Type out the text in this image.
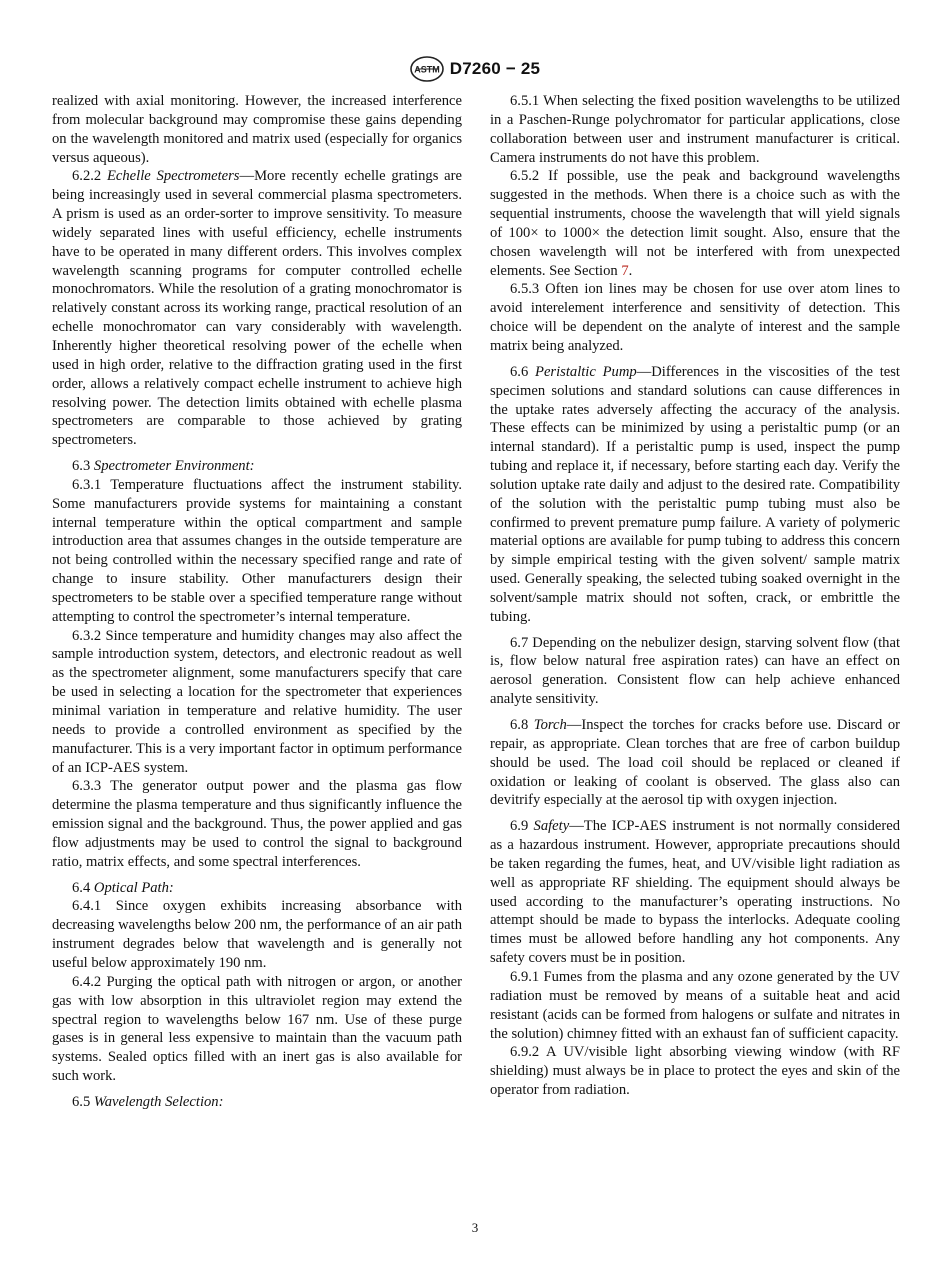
ASTM D7260 − 25

realized with axial monitoring. However, the increased interference from molecular background may compromise these gains depending on the wavelength monitored and matrix used (especially for organics versus aqueous).

6.2.2 Echelle Spectrometers—More recently echelle gratings are being increasingly used in several commercial plasma spectrometers. A prism is used as an order-sorter to improve sensitivity. To measure widely separated lines with useful efficiency, echelle instruments have to be operated in many different orders. This involves complex wavelength scanning programs for computer controlled echelle monochromators. While the resolution of a grating monochromator is relatively constant across its working range, practical resolution of an echelle monochromator can vary considerably with wavelength. Inherently higher theoretical resolving power of the echelle when used in high order, relative to the diffraction grating used in the first order, allows a relatively compact echelle instrument to achieve high resolving power. The detection limits obtained with echelle plasma spectrometers are comparable to those achieved by grating spectrometers.

6.3 Spectrometer Environment:

6.3.1 Temperature fluctuations affect the instrument stability. Some manufacturers provide systems for maintaining a constant internal temperature within the optical compartment and sample introduction area that assumes changes in the outside temperature are not being controlled within the necessary specified range and rate of change to insure stability. Other manufacturers design their spectrometers to be stable over a specified temperature range without attempting to control the spectrometer’s internal temperature.

6.3.2 Since temperature and humidity changes may also affect the sample introduction system, detectors, and electronic readout as well as the spectrometer alignment, some manufacturers specify that care be used in selecting a location for the spectrometer that experiences minimal variation in temperature and relative humidity. The user needs to provide a controlled environment as specified by the manufacturer. This is a very important factor in optimum performance of an ICP-AES system.

6.3.3 The generator output power and the plasma gas flow determine the plasma temperature and thus significantly influence the emission signal and the background. Thus, the power applied and gas flow adjustments may be used to control the signal to background ratio, matrix effects, and some spectral interferences.

6.4 Optical Path:

6.4.1 Since oxygen exhibits increasing absorbance with decreasing wavelengths below 200 nm, the performance of an air path instrument degrades below that wavelength and is generally not useful below approximately 190 nm.

6.4.2 Purging the optical path with nitrogen or argon, or another gas with low absorption in this ultraviolet region may extend the spectral region to wavelengths below 167 nm. Use of these purge gases is in general less expensive to maintain than the vacuum path systems. Sealed optics filled with an inert gas is also available for such work.

6.5 Wavelength Selection:

6.5.1 When selecting the fixed position wavelengths to be utilized in a Paschen-Runge polychromator for particular applications, close collaboration between user and instrument manufacturer is critical. Camera instruments do not have this problem.

6.5.2 If possible, use the peak and background wavelengths suggested in the methods. When there is a choice such as with the sequential instruments, choose the wavelength that will yield signals of 100× to 1000× the detection limit sought. Also, ensure that the chosen wavelength will not be interfered with from unexpected elements. See Section 7.

6.5.3 Often ion lines may be chosen for use over atom lines to avoid interelement interference and sensitivity of detection. This choice will be dependent on the analyte of interest and the sample matrix being analyzed.

6.6 Peristaltic Pump—Differences in the viscosities of the test specimen solutions and standard solutions can cause differences in the uptake rates adversely affecting the accuracy of the analysis. These effects can be minimized by using a peristaltic pump (or an internal standard). If a peristaltic pump is used, inspect the pump tubing and replace it, if necessary, before starting each day. Verify the solution uptake rate daily and adjust to the desired rate. Compatibility of the solution with the peristaltic pump tubing must also be confirmed to prevent premature pump failure. A variety of polymeric material options are available for pump tubing to address this concern by simple empirical testing with the given solvent/ sample matrix used. Generally speaking, the selected tubing soaked overnight in the solvent/sample matrix should not soften, crack, or embrittle the tubing.

6.7 Depending on the nebulizer design, starving solvent flow (that is, flow below natural free aspiration rates) can have an effect on aerosol generation. Consistent flow can help achieve enhanced analyte sensitivity.

6.8 Torch—Inspect the torches for cracks before use. Discard or repair, as appropriate. Clean torches that are free of carbon buildup should be used. The load coil should be replaced or cleaned if oxidation or leaking of coolant is observed. The glass also can devitrify especially at the aerosol tip with oxygen injection.

6.9 Safety—The ICP-AES instrument is not normally considered as a hazardous instrument. However, appropriate precautions should be taken regarding the fumes, heat, and UV/visible light radiation as well as appropriate RF shielding. The equipment should always be used according to the manufacturer’s operating instructions. No attempt should be made to bypass the interlocks. Adequate cooling times must be allowed before handling any hot components. Any safety covers must be in position.

6.9.1 Fumes from the plasma and any ozone generated by the UV radiation must be removed by means of a suitable heat and acid resistant (acids can be formed from halogens or sulfate and nitrates in the solution) chimney fitted with an exhaust fan of sufficient capacity.

6.9.2 A UV/visible light absorbing viewing window (with RF shielding) must always be in place to protect the eyes and skin of the operator from radiation.

3
